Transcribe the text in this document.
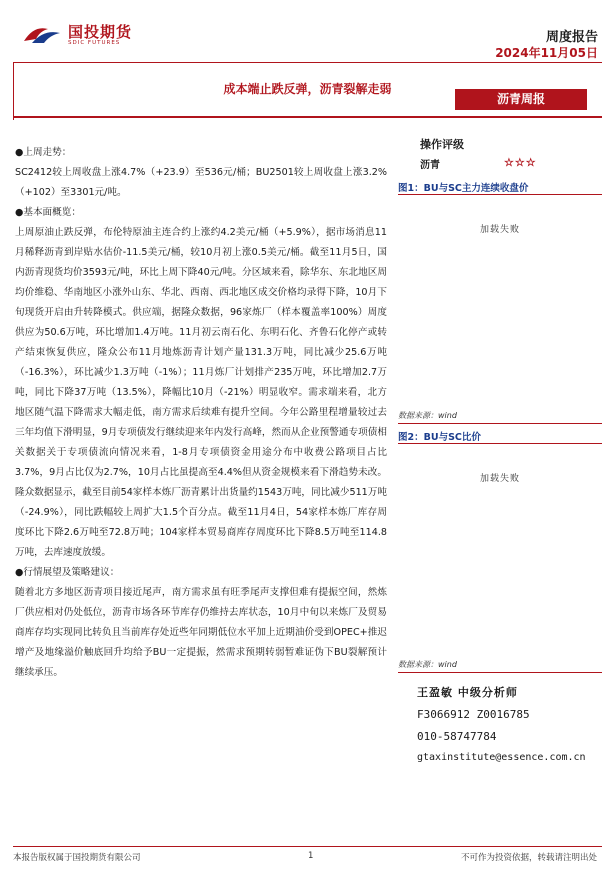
国投期货
SDIC FUTURES	周度报告
2024年11月05日
成本端止跌反弹，沥青裂解走弱
沥青周报

●上周走势：

SC2412较上周收盘上涨4.7%（+23.9）至536元/桶；BU2501较上周收盘上涨3.2%（+102）至3301元/吨。

●基本面概览：

上周原油止跌反弹，布伦特原油主连合约上涨约4.2美元/桶（+5.9%），据市场消息11月稀释沥青到岸贴水估价-11.5美元/桶，较10月初上涨0.5美元/桶。截至11月5日，国内沥青现货均价3593元/吨，环比上周下降40元/吨。分区域来看，除华东、东北地区周均价维稳、华南地区小涨外山东、华北、西南、西北地区成交价格均录得下降，10月下旬现货开启由升转降模式。供应端，据隆众数据，96家炼厂（样本覆盖率100%）周度供应为50.6万吨，环比增加1.4万吨。11月初云南石化、东明石化、齐鲁石化停产或转产结束恢复供应，隆众公布11月地炼沥青计划产量131.3万吨，同比减少25.6万吨（-16.3%），环比减少1.3万吨（-1%）；11月炼厂计划排产235万吨，环比增加2.7万吨，同比下降37万吨（13.5%），降幅比10月（-21%）明显收窄。需求端来看，北方地区随气温下降需求大幅走低，南方需求后续难有提升空间。今年公路里程增量较过去三年均值下滑明显，9月专项债发行继续迎来年内发行高峰，然而从企业预警通专项债相关数据关于专项债流向情况来看，1-8月专项债资金用途分布中收费公路项目占比3.7%，9月占比仅为2.7%，10月占比虽提高至4.4%但从资金规模来看下滑趋势未改。隆众数据显示，截至目前54家样本炼厂沥青累计出货量约1543万吨，同比减少511万吨（-24.9%），同比跌幅较上周扩大1.5个百分点。截至11月4日，54家样本炼厂库存周度环比下降2.6万吨至72.8万吨；104家样本贸易商库存周度环比下降8.5万吨至114.8万吨，去库速度放缓。

●行情展望及策略建议：

随着北方多地区沥青项目接近尾声，南方需求虽有旺季尾声支撑但难有提振空间，然炼厂供应相对仍处低位，沥青市场各环节库存仍维持去库状态，10月中旬以来炼厂及贸易商库存均实现同比转负且当前库存处近些年同期低位水平加上近期油价受到OPEC+推迟增产及地缘溢价触底回升均给予BU一定提振，然需求预期转弱暂难证伪下BU裂解预计继续承压。

操作评级
沥青	☆☆☆
图1：BU与SC主力连续收盘价
加载失败
数据来源：wind
图2：BU与SC比价
加载失败
数据来源：wind
王盈敏 中级分析师
F3066912 Z0016785
010-58747784
gtaxinstitute@essence.com.cn
本报告版权属于国投期货有限公司	1	不可作为投资依据，转载请注明出处
